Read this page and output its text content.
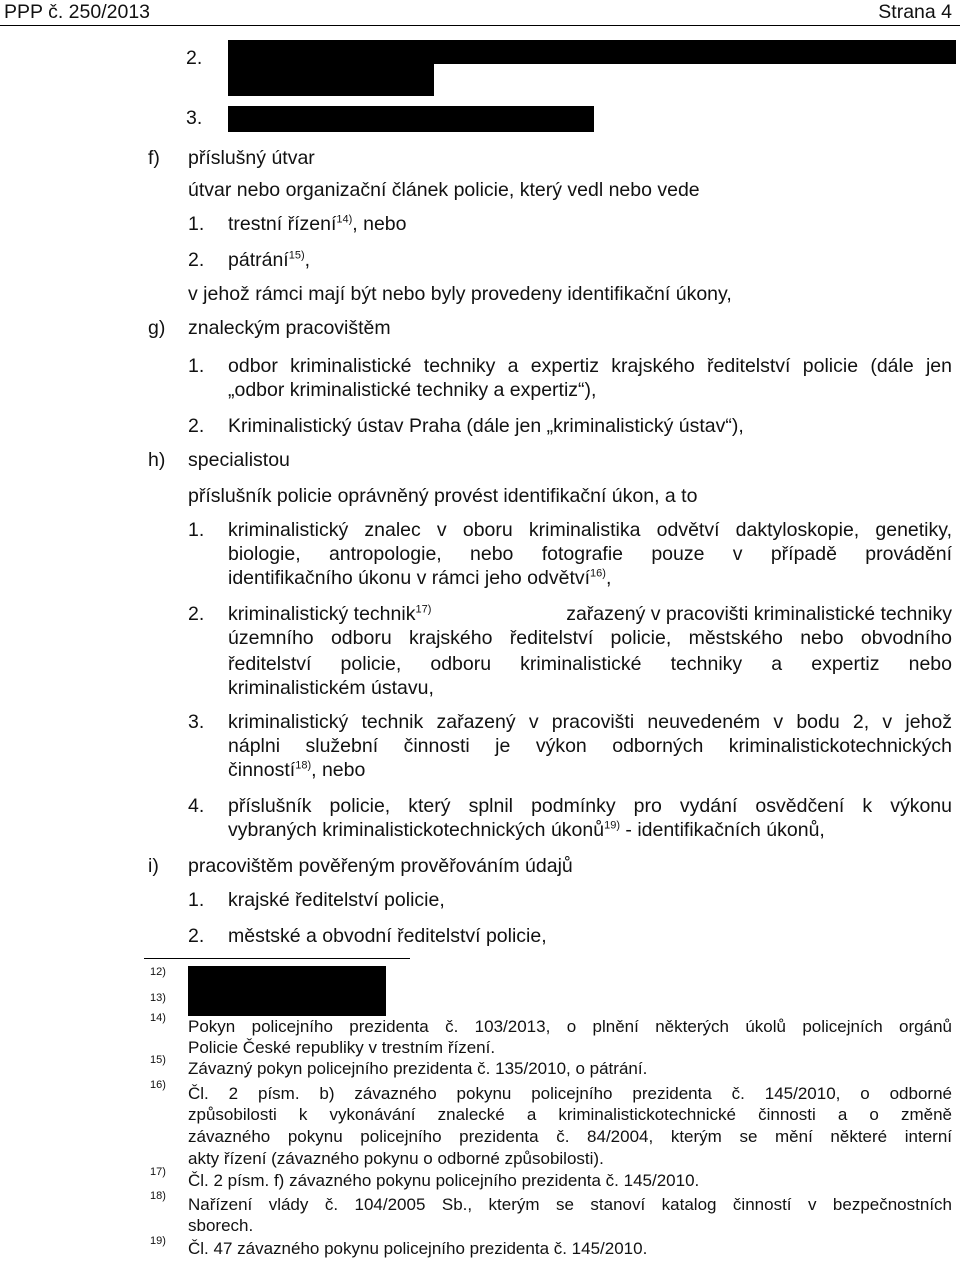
PPP č. 250/2013	Strana 4
2.
3.
f) příslušný útvar
útvar nebo organizační článek policie, který vedl nebo vede
1. trestní řízení$^{14)}$, nebo
2. pátrání$^{15)}$,
v jehož rámci mají být nebo byly provedeny identifikační úkony,
g) znaleckým pracovištěm
1. odbor kriminalistické techniky a expertiz krajského ředitelství policie (dále jen
„odbor kriminalistické techniky a expertiz“),
2. Kriminalistický ústav Praha (dále jen „kriminalistický ústav“),
h) specialistou
příslušník policie oprávněný provést identifikační úkon, a to
1. kriminalistický znalec v oboru kriminalistika odvětví daktyloskopie, genetiky,
biologie, antropologie, nebo fotografie pouze v případě provádění
identifikačního úkonu v rámci jeho odvětví$^{16)}$,
2. kriminalistický technik$^{17)}$	zařazený v pracovišti kriminalistické techniky
územního odboru krajského ředitelství policie, městského nebo obvodního
ředitelství policie, odboru kriminalistické techniky a expertiz nebo
kriminalistickém ústavu,
3. kriminalistický technik zařazený v pracovišti neuvedeném v bodu 2, v jehož
náplni služební činnosti je výkon odborných kriminalistickotechnických
činností$^{18)}$, nebo
4. příslušník policie, který splnil podmínky pro vydání osvědčení k výkonu
vybraných kriminalistickotechnických úkonů$^{19)}$ - identifikačních úkonů,
i) pracovištěm pověřeným prověřováním údajů
1. krajské ředitelství policie,
2. městské a obvodní ředitelství policie,
12)
13)
14) Pokyn policejního prezidenta č. 103/2013, o plnění některých úkolů policejních orgánů
Policie České republiky v trestním řízení.
15) Závazný pokyn policejního prezidenta č. 135/2010, o pátrání.
16) Čl. 2 písm. b) závazného pokynu policejního prezidenta č. 145/2010, o odborné
způsobilosti k vykonávání znalecké a kriminalistickotechnické činnosti a o změně
závazného pokynu policejního prezidenta č. 84/2004, kterým se mění některé interní
akty řízení (závazného pokynu o odborné způsobilosti).
17) Čl. 2 písm. f) závazného pokynu policejního prezidenta č. 145/2010.
18) Nařízení vlády č. 104/2005 Sb., kterým se stanoví katalog činností v bezpečnostních
sborech.
19) Čl. 47 závazného pokynu policejního prezidenta č. 145/2010.
